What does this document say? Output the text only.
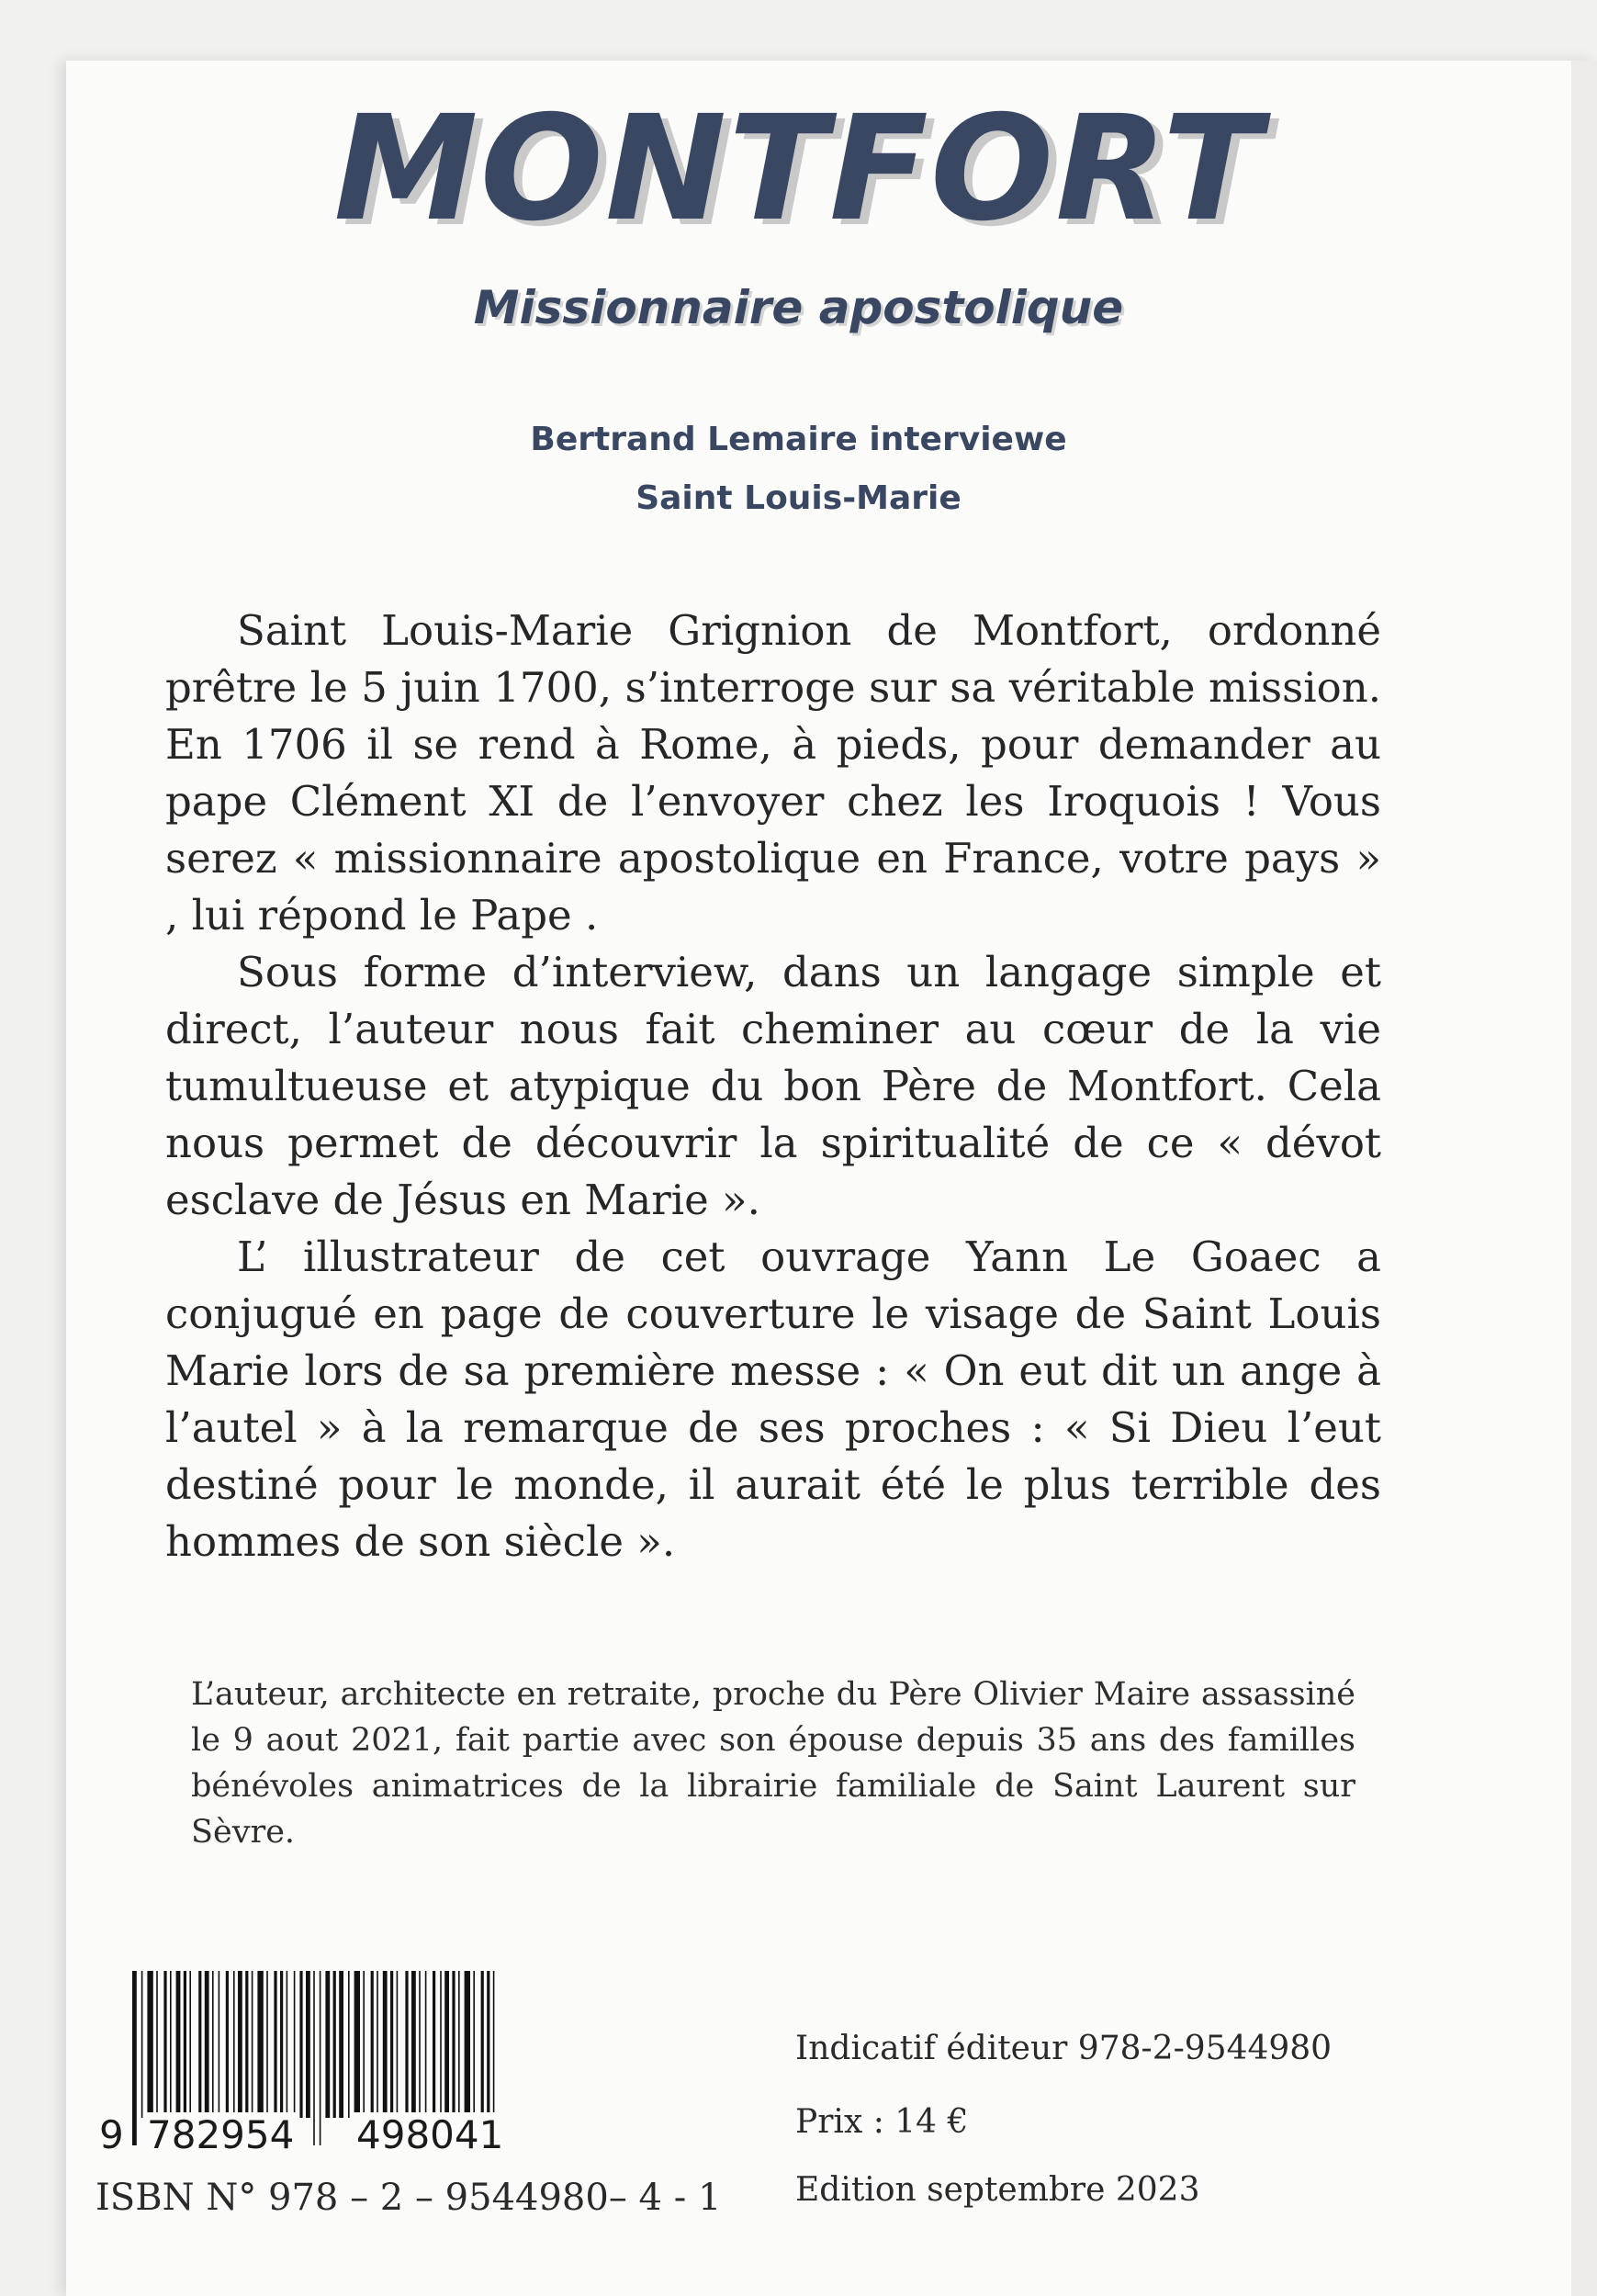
MONTFORT
Missionnaire apostolique
Bertrand Lemaire interviewe
Saint Louis-Marie

Saint Louis-Marie Grignion de Montfort, ordonné prêtre le 5 juin 1700, s’interroge sur sa véritable mission. En 1706 il se rend à Rome, à pieds, pour demander au pape Clément XI de l’envoyer chez les Iroquois ! Vous serez « missionnaire apostolique en France, votre pays » , lui répond le Pape .

Sous forme d’interview, dans un langage simple et direct, l’auteur nous fait cheminer au cœur de la vie tumultueuse et atypique du bon Père de Montfort. Cela nous permet de découvrir la spiritualité de ce « dévot esclave de Jésus en Marie ».

L’ illustrateur de cet ouvrage Yann Le Goaec a conjugué en page de couverture le visage de Saint Louis Marie lors de sa première messe : « On eut dit un ange à l’autel » à la remarque de ses proches : « Si Dieu l’eut destiné pour le monde, il aurait été le plus terrible des hommes de son siècle ».

L’auteur, architecte en retraite, proche du Père Olivier Maire assassiné le 9 aout 2021, fait partie avec son épouse depuis 35 ans des familles bénévoles animatrices de la librairie familiale de Saint Laurent sur Sèvre.
9 782954 498041
ISBN N° 978 – 2 – 9544980– 4 - 1
Indicatif éditeur 978-2-9544980
Prix : 14 €
Edition septembre 2023
